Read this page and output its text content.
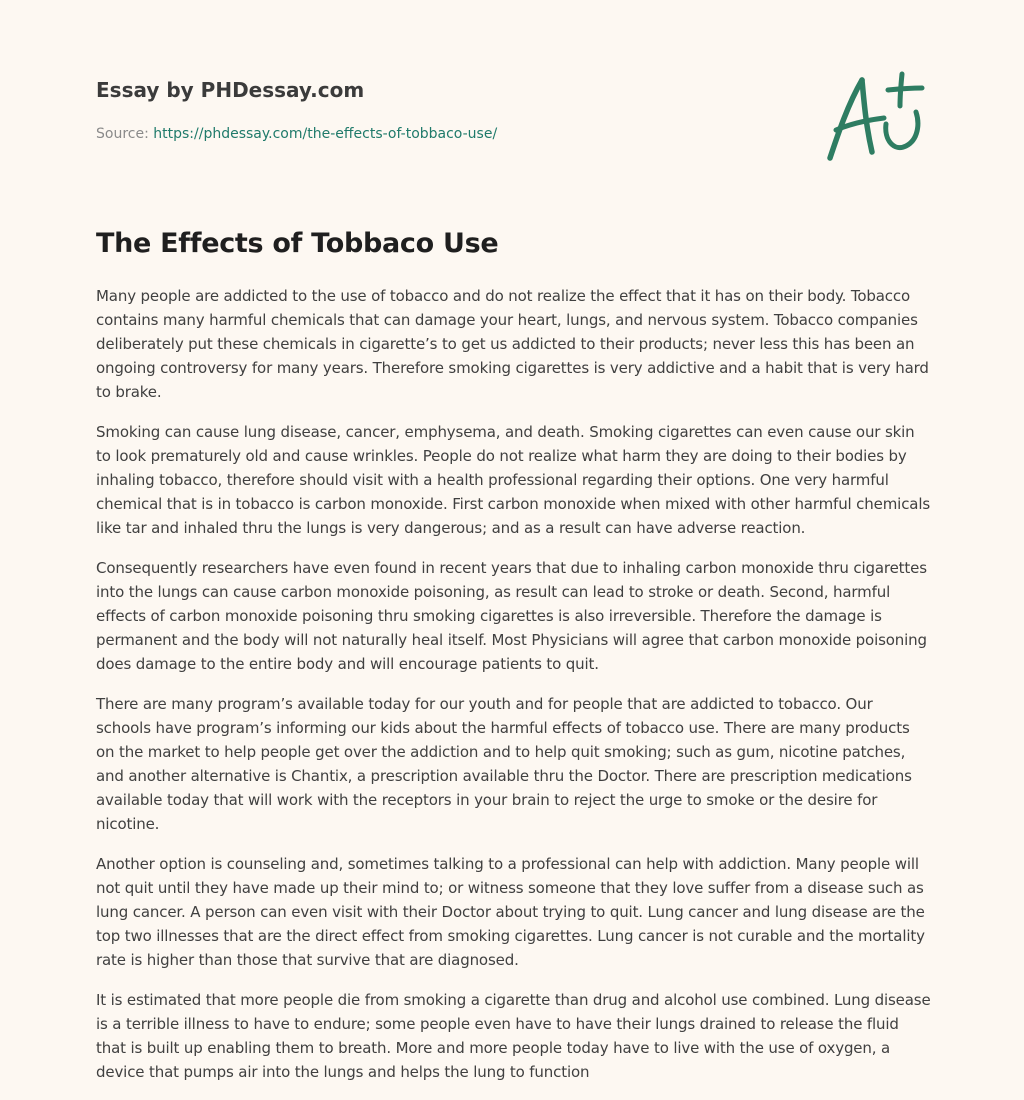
Essay by PHDessay.com
Source: https://phdessay.com/the-effects-of-tobbaco-use/
The Effects of Tobbaco Use

Many people are addicted to the use of tobacco and do not realize the effect that it has on their body. Tobacco contains many harmful chemicals that can damage your heart, lungs, and nervous system. Tobacco companies deliberately put these chemicals in cigarette’s to get us addicted to their products; never less this has been an ongoing controversy for many years. Therefore smoking cigarettes is very addictive and a habit that is very hard to brake.

Smoking can cause lung disease, cancer, emphysema, and death. Smoking cigarettes can even cause our skin to look prematurely old and cause wrinkles. People do not realize what harm they are doing to their bodies by inhaling tobacco, therefore should visit with a health professional regarding their options. One very harmful chemical that is in tobacco is carbon monoxide. First carbon monoxide when mixed with other harmful chemicals like tar and inhaled thru the lungs is very dangerous; and as a result can have adverse reaction.

Consequently researchers have even found in recent years that due to inhaling carbon monoxide thru cigarettes into the lungs can cause carbon monoxide poisoning, as result can lead to stroke or death. Second, harmful effects of carbon monoxide poisoning thru smoking cigarettes is also irreversible. Therefore the damage is permanent and the body will not naturally heal itself. Most Physicians will agree that carbon monoxide poisoning does damage to the entire body and will encourage patients to quit.

There are many program’s available today for our youth and for people that are addicted to tobacco. Our schools have program’s informing our kids about the harmful effects of tobacco use. There are many products on the market to help people get over the addiction and to help quit smoking; such as gum, nicotine patches, and another alternative is Chantix, a prescription available thru the Doctor. There are prescription medications available today that will work with the receptors in your brain to reject the urge to smoke or the desire for nicotine.

Another option is counseling and, sometimes talking to a professional can help with addiction. Many people will not quit until they have made up their mind to; or witness someone that they love suffer from a disease such as lung cancer. A person can even visit with their Doctor about trying to quit. Lung cancer and lung disease are the top two illnesses that are the direct effect from smoking cigarettes. Lung cancer is not curable and the mortality rate is higher than those that survive that are diagnosed.

It is estimated that more people die from smoking a cigarette than drug and alcohol use combined. Lung disease is a terrible illness to have to endure; some people even have to have their lungs drained to release the fluid that is built up enabling them to breath. More and more people today have to live with the use of oxygen, a device that pumps air into the lungs and helps the lung to function
